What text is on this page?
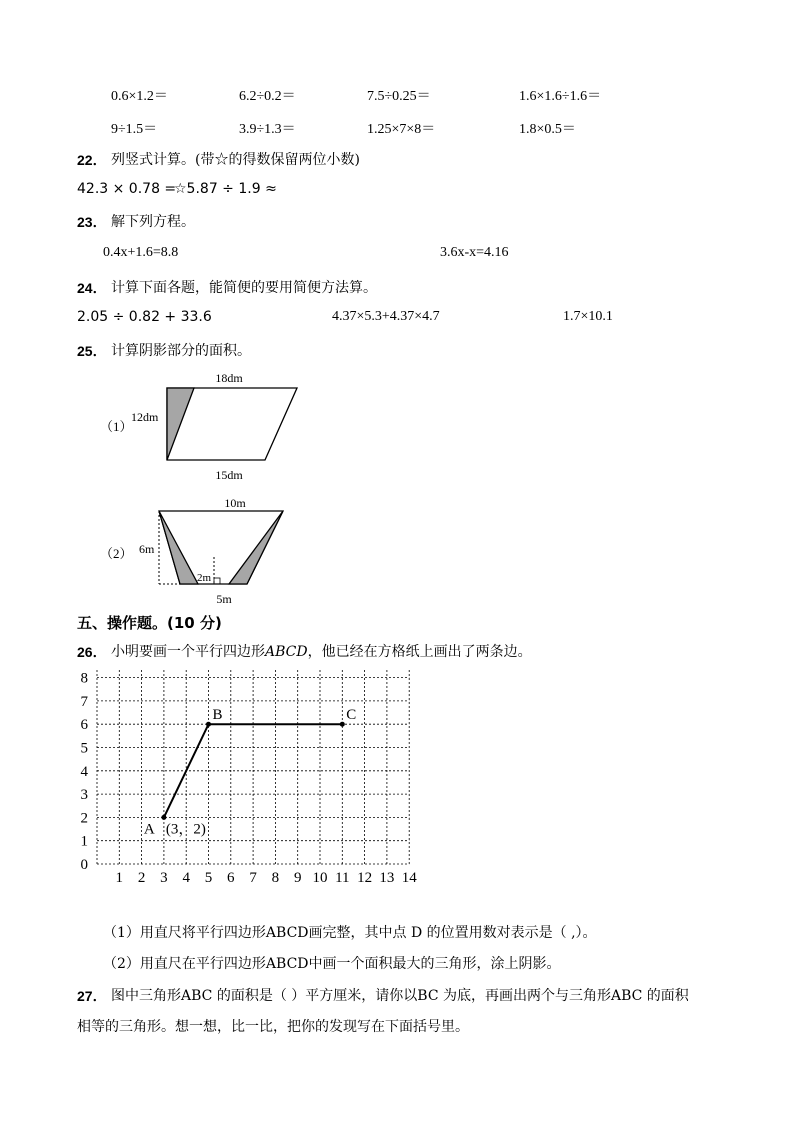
0.6×1.2＝	6.2÷0.2＝	7.5÷0.25＝	1.6×1.6÷1.6＝
9÷1.5＝	3.9÷1.3＝	1.25×7×8＝	1.8×0.5＝
22． 列竖式计算。(带☆的得数保留两位小数)
42.3 × 0.78 =
☆5.87 ÷ 1.9 ≈
23． 解下列方程。
0.4x+1.6=8.8	3.6x-x=4.16
24． 计算下面各题，能简便的要用简便方法算。
2.05 ÷ 0.82 + 33.6	4.37×5.3+4.37×4.7	1.7×10.1
25． 计算阴影部分的面积。
（1）
18dm
12dm
15dm
（2）
10m
6m
2m
5m
五、操作题。(10 分)
26． 小明要画一个平行四边形ABCD，他已经在方格纸上画出了两条边。
1 2 3 4 5 6 7 8 9 10 11 12 13 14
0
1
2
3
4
5
6
7
8
A (3，2)
B	C
（1）用直尺将平行四边形ABCD画完整，其中点 D 的位置用数对表示是（ ,）。
（2）用直尺在平行四边形ABCD中画一个面积最大的三角形，涂上阴影。
27． 图中三角形ABC 的面积是（ ）平方厘米，请你以BC 为底，再画出两个与三角形ABC 的面积
相等的三角形。想一想，比一比，把你的发现写在下面括号里。
